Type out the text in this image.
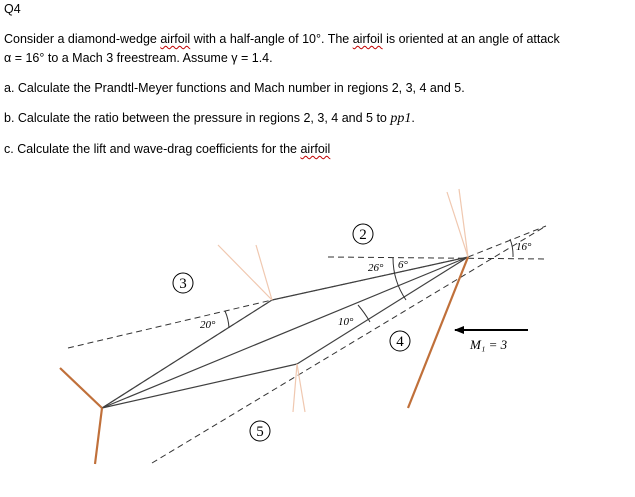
Q4
Consider a diamond-wedge airfoil with a half-angle of 10°. The airfoil is oriented at an angle of attack
α = 16° to a Mach 3 freestream. Assume γ = 1.4.
a. Calculate the Prandtl-Meyer functions and Mach number in regions 2, 3, 4 and 5.
b. Calculate the ratio between the pressure in regions 2, 3, 4 and 5 to pp1.
c. Calculate the lift and wave-drag coefficients for the airfoil
2
3
4
5
16°
26° 6°
10°
20°
M₁ = 3
